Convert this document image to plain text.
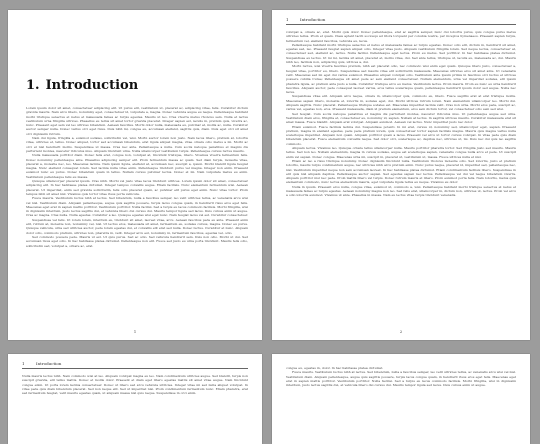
1. Introduction

Lorem ipsum dolor sit amet, consectetuer adipiscing elit. Ut purus elit, vestibulum ut, placerat ac, adipiscing vitae, felis. Curabitur dictum gravida mauris. Nam arcu libero, nonummy eget, consectetuer id, vulputate a, magna. Donec vehicula augue eu neque. Pellentesque habitant morbi tristique senectus et netus et malesuada fames ac turpis egestas. Mauris ut leo. Cras viverra metus rhoncus sem. Nulla et lectus vestibulum urna fringilla ultrices. Phasellus eu tellus sit amet tortor gravida placerat. Integer sapien est, iaculis in, pretium quis, viverra ac, nunc. Praesent eget sem vel leo ultrices bibendum. Aenean faucibus. Morbi dolor nulla, malesuada eu, pulvinar at, mollis ac, nulla. Curabitur auctor semper nulla. Donec varius orci eget risus. Duis nibh mi, congue eu, accumsan eleifend, sagittis quis, diam. Duis eget orci sit amet orci dignissim rutrum.

Nam dui ligula, fringilla a, euismod sodales, sollicitudin vel, wisi. Morbi auctor lorem non justo. Nam lacus libero, pretium at, lobortis vitae, ultricies et, tellus. Donec aliquet, tortor sed accumsan bibendum, erat ligula aliquet magna, vitae ornare odio metus a mi. Morbi ac orci et nisl hendrerit mollis. Suspendisse ut massa. Cras nec ante. Pellentesque a nulla. Cum sociis natoque penatibus et magnis dis parturient montes, nascetur ridiculus mus. Aliquam tincidunt urna. Nulla ullamcorper vestibulum turpis. Pellentesque cursus luctus mauris.

Nulla malesuada porttitor diam. Donec felis erat, congue non, volutpat at, tincidunt tristique, libero. Vivamus viverra fermentum felis. Donec nonummy pellentesque ante. Phasellus adipiscing semper elit. Proin fermentum massa ac quam. Sed diam turpis, molestie vitae, placerat a, molestie nec, leo. Maecenas lacinia. Nam ipsum ligula, eleifend at, accumsan nec, suscipit a, ipsum. Morbi blandit ligula feugiat magna. Nunc eleifend consequat lorem. Sed lacinia nulla vitae enim. Pellentesque tincidunt purus vel magna. Integer non enim. Praesent euismod nunc eu purus. Donec bibendum quam in tellus. Nullam cursus pulvinar lectus. Donec et mi. Nam vulputate metus eu enim. Vestibulum pellentesque felis eu massa.

Quisque ullamcorper placerat ipsum. Cras nibh. Morbi vel justo vitae lacus tincidunt ultrices. Lorem ipsum dolor sit amet, consectetuer adipiscing elit. In hac habitasse platea dictumst. Integer tempus convallis augue. Etiam facilisis. Nunc elementum fermentum wisi. Aenean placerat. Ut imperdiet, enim sed gravida sollicitudin, felis odio placerat quam, ac pulvinar elit purus eget enim. Nunc vitae tortor. Proin tempus nibh sit amet nisl. Vivamus quis tortor vitae risus porta vehicula.

Fusce mauris. Vestibulum luctus nibh at lectus. Sed bibendum, nulla a faucibus semper, leo velit ultricies tellus, ac venenatis arcu wisi vel nisl. Vestibulum diam. Aliquam pellentesque, augue quis sagittis posuere, turpis lacus congue quam, in hendrerit risus eros eget felis. Maecenas eget erat in sapien mattis porttitor. Vestibulum porttitor. Nulla facilisi. Sed a turpis eu lacus commodo facilisis. Morbi fringilla, wisi in dignissim interdum, justo lectus sagittis dui, et vehicula libero dui cursus dui. Mauris tempor ligula sed lacus. Duis cursus enim ut augue. Cras ac magna. Cras nulla. Nulla egestas. Curabitur a leo. Quisque egestas wisi eget nunc. Nam feugiat lacus vel est. Curabitur consectetuer.

Suspendisse vel felis. Ut lorem lorem, interdum eu, tincidunt sit amet, laoreet vitae, arcu. Aenean faucibus pede eu ante. Praesent enim elit, rutrum at, molestie non, nonummy vel, nisl. Ut lectus eros, malesuada sit amet, fermentum eu, sodales cursus, magna. Donec eu purus. Quisque vehicula, urna sed ultricies auctor, pede lorem egestas dui, et convallis elit erat sed nulla. Donec luctus. Curabitur et nunc. Aliquam dolor odio, commodo pretium, ultricies non, pharetra in, velit. Integer arcu est, nonummy in, fermentum faucibus, egestas vel, odio.

Sed commodo posuere pede. Mauris ut est. Ut quis purus. Sed ac odio. Sed vehicula hendrerit sem. Duis non odio. Morbi ut dui. Sed accumsan risus eget odio. In hac habitasse platea dictumst. Pellentesque non elit. Fusce sed justo eu urna porta tincidunt. Mauris felis odio, sollicitudin sed, volutpat a, ornare ac, erat.

1
1	Introduction

volutpat a, ornare ac, erat. Morbi quis dolor. Donec pellentesque, erat ac sagittis semper, nunc dui lobortis purus, quis congue purus metus ultricies tellus. Proin et quam. Class aptent taciti sociosqu ad litora torquent per conubia nostra, per inceptos hymenaeos. Praesent sapien turpis, fermentum vel, eleifend faucibus, vehicula eu, lacus.

Pellentesque habitant morbi tristique senectus et netus et malesuada fames ac turpis egestas. Donec odio elit, dictum in, hendrerit sit amet, egestas sed, leo. Praesent feugiat sapien aliquet odio. Integer vitae justo. Aliquam vestibulum fringilla lorem. Sed neque lectus, consectetuer at, consectetuer sed, eleifend ac, lectus. Nulla facilisi. Pellentesque eget lectus. Proin eu metus. Sed porttitor. In hac habitasse platea dictumst. Suspendisse eu lectus. Ut mi mi, lacinia sit amet, placerat et, mollis vitae, dui. Sed ante tellus, tristique ut, iaculis eu, malesuada ac, dui. Mauris nibh leo, facilisis non, adipiscing quis, ultrices a, dui.

Morbi luctus, wisi viverra faucibus pretium, nibh est placerat odio, nec commodo wisi enim eget quam. Quisque libero justo, consectetuer a, feugiat vitae, porttitor eu, libero. Suspendisse sed mauris vitae elit sollicitudin malesuada. Maecenas ultricies eros sit amet ante. Ut venenatis velit. Maecenas sed mi eget dui varius euismod. Phasellus aliquet volutpat odio. Vestibulum ante ipsum primis in faucibus orci luctus et ultrices posuere cubilia Curae; Pellentesque sit amet pede ac sem eleifend consectetuer. Nullam elementum, urna vel imperdiet sodales, elit ipsum pharetra ligula, ac pretium ante justo a nulla. Curabitur tristique arcu eu metus. Vestibulum lectus. Proin mauris. Proin eu nunc eu urna hendrerit faucibus. Aliquam auctor, pede consequat laoreet varius, eros tellus scelerisque quam, pellentesque hendrerit ipsum dolor sed augue. Nulla nec lacus.

Suspendisse vitae elit. Aliquam arcu neque, ornare in, ullamcorper quis, commodo eu, libero. Fusce sagittis erat at erat tristique mollis. Maecenas sapien libero, molestie et, lobortis in, sodales eget, dui. Morbi ultrices rutrum lorem. Nam elementum ullamcorper leo. Morbi dui. Aliquam sagittis. Nunc placerat. Pellentesque tristique sodales est. Maecenas imperdiet lacinia velit. Cras non urna. Morbi eros pede, suscipit ac, varius vel, egestas non, eros. Praesent malesuada, diam id pretium elementum, eros sem dictum tortor, vel consectetuer odio sem sed wisi.

Sed feugiat. Cum sociis natoque penatibus et magnis dis parturient montes, nascetur ridiculus mus. Ut pellentesque augue sed urna. Vestibulum diam eros, fringilla et, consectetuer eu, nonummy id, sapien. Nullam at lectus. In sagittis ultrices mauris. Curabitur malesuada erat sit amet massa. Fusce blandit. Aliquam erat volutpat. Aliquam euismod. Aenean vel lectus. Nunc imperdiet justo nec dolor.

Etiam euismod. Fusce facilisis lacinia dui. Suspendisse potenti. In mi erat, cursus id, nonummy sed, ullamcorper eget, sapien. Praesent pretium, magna in eleifend egestas, pede pede pretium lorem, quis consectetuer tortor sapien facilisis magna. Mauris quis magna varius nulla scelerisque imperdiet. Aliquam non quam. Aliquam porttitor quam a lacus. Praesent vel arcu ut tortor cursus volutpat. In vitae pede quis diam bibendum placerat. Fusce elementum convallis neque. Sed dolor orci, scelerisque ac, dapibus nec, ultricies ut, mi. Duis nec dui quis leo sagittis commodo.

Aliquam lectus. Vivamus leo. Quisque ornare tellus ullamcorper nulla. Mauris porttitor pharetra tortor. Sed fringilla justo sed mauris. Mauris tellus. Sed non leo. Nullam elementum, magna in cursus sodales, augue est scelerisque sapien, venenatis congue nulla arcu et pede. Ut suscipit enim vel sapien. Donec congue. Maecenas urna mi, suscipit in, placerat ut, vestibulum ut, massa. Fusce ultrices nulla et nisl.

Etiam ac leo a risus tristique nonummy. Donec dignissim tincidunt nulla. Vestibulum rhoncus molestie odio. Sed lobortis, justo et pretium lobortis, mauris turpis condimentum augue, nec ultricies nibh arcu pretium enim. Nunc purus neque, placerat id, imperdiet sed, pellentesque nec, nisl. Vestibulum imperdiet neque non sem accumsan laoreet. In hac habitasse platea dictumst. Etiam condimentum facilisis libero. Suspendisse in elit quis nisl aliquam dapibus. Pellentesque auctor sapien. Sed egestas sapien nec lectus. Pellentesque vel dui vel neque bibendum viverra. Aliquam porttitor nisl nec pede. Proin mattis libero vel turpis. Donec rutrum mauris et libero. Proin euismod porta felis. Nam lobortis, metus quis elementum commodo, nunc lectus elementum mauris, eget vulputate ligula tellus eu neque. Vivamus eu dolor.

Nulla in ipsum. Praesent eros nulla, congue vitae, euismod ut, commodo a, wisi. Pellentesque habitant morbi tristique senectus et netus et malesuada fames ac turpis egestas. Aenean nonummy magna non leo. Sed felis erat, ullamcorper in, dictum non, ultricies ut, lectus. Proin vel arcu a odio lobortis euismod. Vivamus ut ante. Phasellus in massa. Nam eu lectus vitae turpis tincidunt venenatis.

2
1	Introduction

Nulla mauris lectus nibh. Nam commodo wisi at leo. Aliquam volutpat magna eu leo. Nam condimentum ultricies augue. Sed blandit, turpis non suscipit gravida, elit tellus mattis. Donec et mollis dolor. Praesent et diam eget libero egestas mattis sit amet vitae augue. Nam tincidunt congue enim. Ut porta lorem lacinia consectetuer. Donec ut libero sed arcu vehicula ultricies. Integer vitae mi sed nulla aliquet volutpat. In vitae pede quis diam bibendum placerat. Sed non neque elit. Sed ut imperdiet nisi. Proin condimentum fermentum nunc. Etiam pharetra, erat sed fermentum feugiat, velit mauris egestas quam, ut aliquam massa nisl quis neque. Suspendisse in orci enim.

congue eu, egestas in, dolor. In hac habitasse platea dictumst.

Fusce mauris. Vestibulum luctus nibh at lectus. Sed bibendum, nulla a faucibus semper, leo velit ultricies tellus, ac venenatis arcu wisi vel nisl. Vestibulum diam. Aliquam pellentesque, augue quis sagittis posuere, turpis lacus congue quam, in hendrerit risus eros eget felis. Maecenas eget erat in sapien mattis porttitor. Vestibulum porttitor. Nulla facilisi. Sed a turpis eu lacus commodo facilisis. Morbi fringilla, wisi in dignissim interdum, justo lectus sagittis dui, et vehicula libero dui cursus dui. Mauris tempor ligula sed lacus. Duis cursus enim ut augue.
